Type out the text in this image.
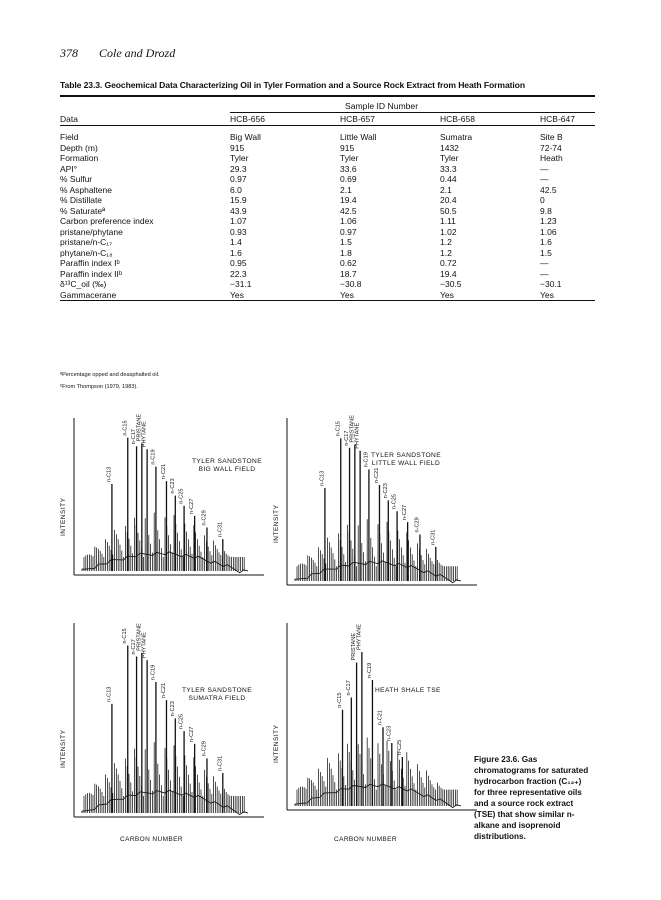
378 Cole and Drozd
Table 23.3. Geochemical Data Characterizing Oil in Tyler Formation and a Source Rock Extract from Heath Formation
Sample ID Number

Data	HCB-656	HCB-657	HCB-658	HCB-647

Field	Big Wall	Little Wall	Sumatra	Site B
Depth (m)	915	915	1432	72-74
Formation	Tyler	Tyler	Tyler	Heath
API°	29.3	33.6	33.3	—
% Sulfur	0.97	0.69	0.44	—
% Asphaltene	6.0	2.1	2.1	42.5
% Distillate	15.9	19.4	20.4	0
% Saturateª	43.9	42.5	50.5	9.8
Carbon preference index	1.07	1.06	1.11	1.23
pristane/phytane	0.93	0.97	1.02	1.06
pristane/n-C₁₇	1.4	1.5	1.2	1.6
phytane/n-C₁₈	1.6	1.8	1.2	1.5
Paraffin index Iᵇ	0.95	0.62	0.72	—
Paraffin index IIᵇ	22.3	18.7	19.4	—
δ¹³C_oil (‰)	−31.1	−30.8	−30.5	−30.1
Gammacerane	Yes	Yes	Yes	Yes
ªPercentage opped and deasphalted oil.
ᵇFrom Thompson (1979, 1983).
n-C13
n-C15
n-C17 PRISTANE PHYTANE
n-C19
n-C21
n-C23
n-C25
n-C27
n-C29
n-C31
TYLER SANDSTONE
BIG WALL FIELD
INTENSITY
n-C13
n-C15
n-C17 PRISTANE PHYTANE
n-C19
n-C21
n-C23
n-C25
n-C27
n-C29
n-C31
TYLER SANDSTONE
LITTLE WALL FIELD
INTENSITY
n-C13
n-C15
n-C17 PRISTANE PHYTANE
n-C19
n-C21
n-C23
n-C25
n-C27
n-C29
n-C31
TYLER SANDSTONE
SUMATRA FIELD
INTENSITY
n-C15
n-C17
PRISTANE PHYTANE
n-C19
n-C21
n-C23
n-C25
HEATH SHALE TSE
INTENSITY	Figure 23.6. Gas chromatograms for saturated hydrocarbon fraction (C₁₂₊) for three representative oils and a source rock extract (TSE) that show similar n-alkane and isoprenoid distributions.
CARBON NUMBER	CARBON NUMBER
